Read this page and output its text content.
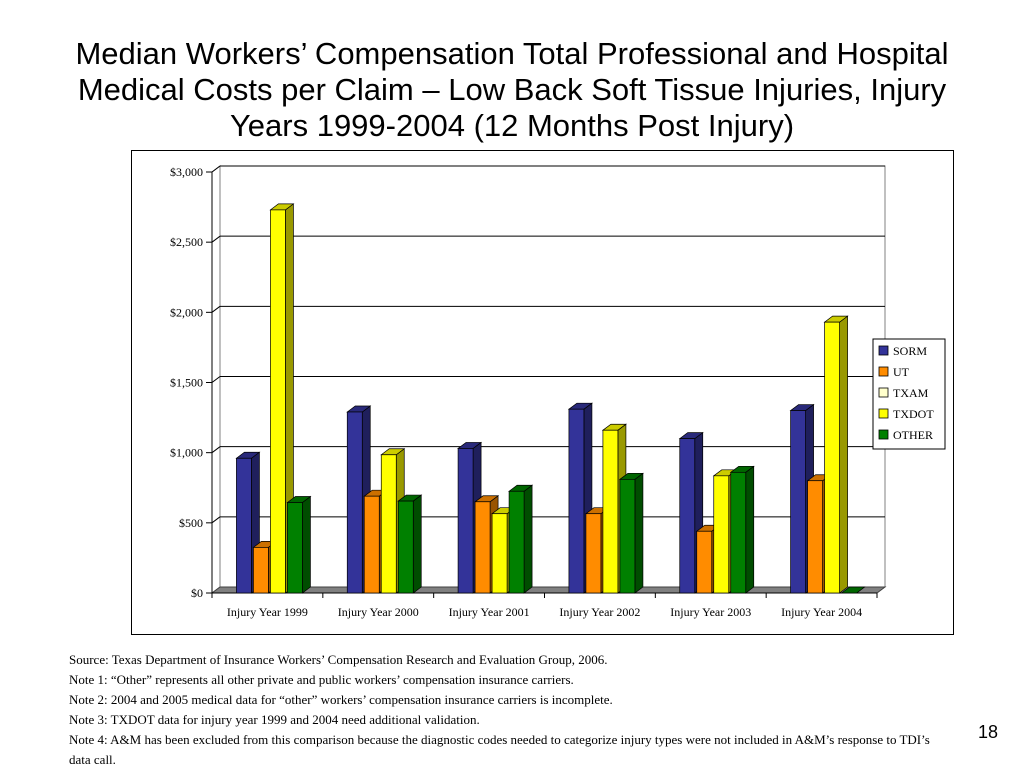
Median Workers’ Compensation Total Professional and Hospital Medical Costs per Claim – Low Back Soft Tissue Injuries, Injury Years 1999-2004 (12 Months Post Injury)
$0
$500
$1,000
$1,500
$2,000
$2,500
$3,000
Injury Year 1999 Injury Year 2000 Injury Year 2001 Injury Year 2002 Injury Year 2003 Injury Year 2004
SORM
UT
TXAM
TXDOT
OTHER
Source: Texas Department of Insurance Workers’ Compensation Research and Evaluation Group, 2006.
Note 1: “Other” represents all other private and public workers’ compensation insurance carriers.
Note 2: 2004 and 2005 medical data for “other” workers’ compensation insurance carriers is incomplete.
Note 3: TXDOT data for injury year 1999 and 2004 need additional validation.
Note 4: A&M has been excluded from this comparison because the diagnostic codes needed to categorize injury types were not included in A&M’s response to TDI’s data call.
18
